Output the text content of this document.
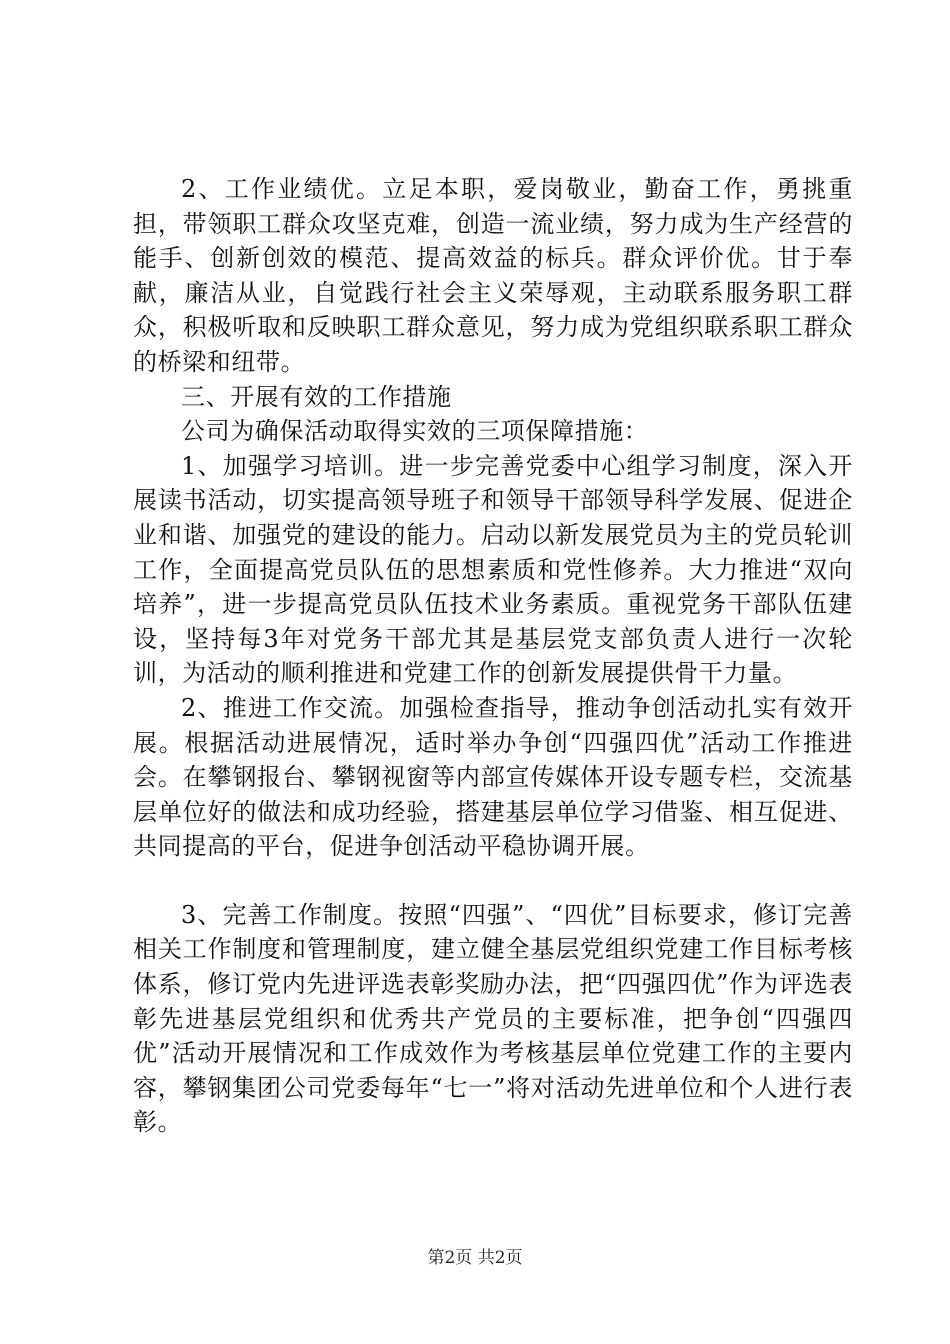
2、工作业绩优。立足本职，爱岗敬业，勤奋工作，勇挑重担，带领职工群众攻坚克难，创造一流业绩，努力成为生产经营的能手、创新创效的模范、提高效益的标兵。群众评价优。甘于奉献，廉洁从业，自觉践行社会主义荣辱观，主动联系服务职工群众，积极听取和反映职工群众意见，努力成为党组织联系职工群众的桥梁和纽带。

三、开展有效的工作措施

公司为确保活动取得实效的三项保障措施：

1、加强学习培训。进一步完善党委中心组学习制度，深入开展读书活动，切实提高领导班子和领导干部领导科学发展、促进企业和谐、加强党的建设的能力。启动以新发展党员为主的党员轮训工作，全面提高党员队伍的思想素质和党性修养。大力推进“双向培养”，进一步提高党员队伍技术业务素质。重视党务干部队伍建设，坚持每3年对党务干部尤其是基层党支部负责人进行一次轮训，为活动的顺利推进和党建工作的创新发展提供骨干力量。

2、推进工作交流。加强检查指导，推动争创活动扎实有效开展。根据活动进展情况，适时举办争创“四强四优”活动工作推进会。在攀钢报台、攀钢视窗等内部宣传媒体开设专题专栏，交流基层单位好的做法和成功经验，搭建基层单位学习借鉴、相互促进、共同提高的平台，促进争创活动平稳协调开展。

3、完善工作制度。按照“四强”、“四优”目标要求，修订完善相关工作制度和管理制度，建立健全基层党组织党建工作目标考核体系，修订党内先进评选表彰奖励办法，把“四强四优”作为评选表彰先进基层党组织和优秀共产党员的主要标准，把争创“四强四优”活动开展情况和工作成效作为考核基层单位党建工作的主要内容，攀钢集团公司党委每年“七一”将对活动先进单位和个人进行表彰。

第2页 共2页
